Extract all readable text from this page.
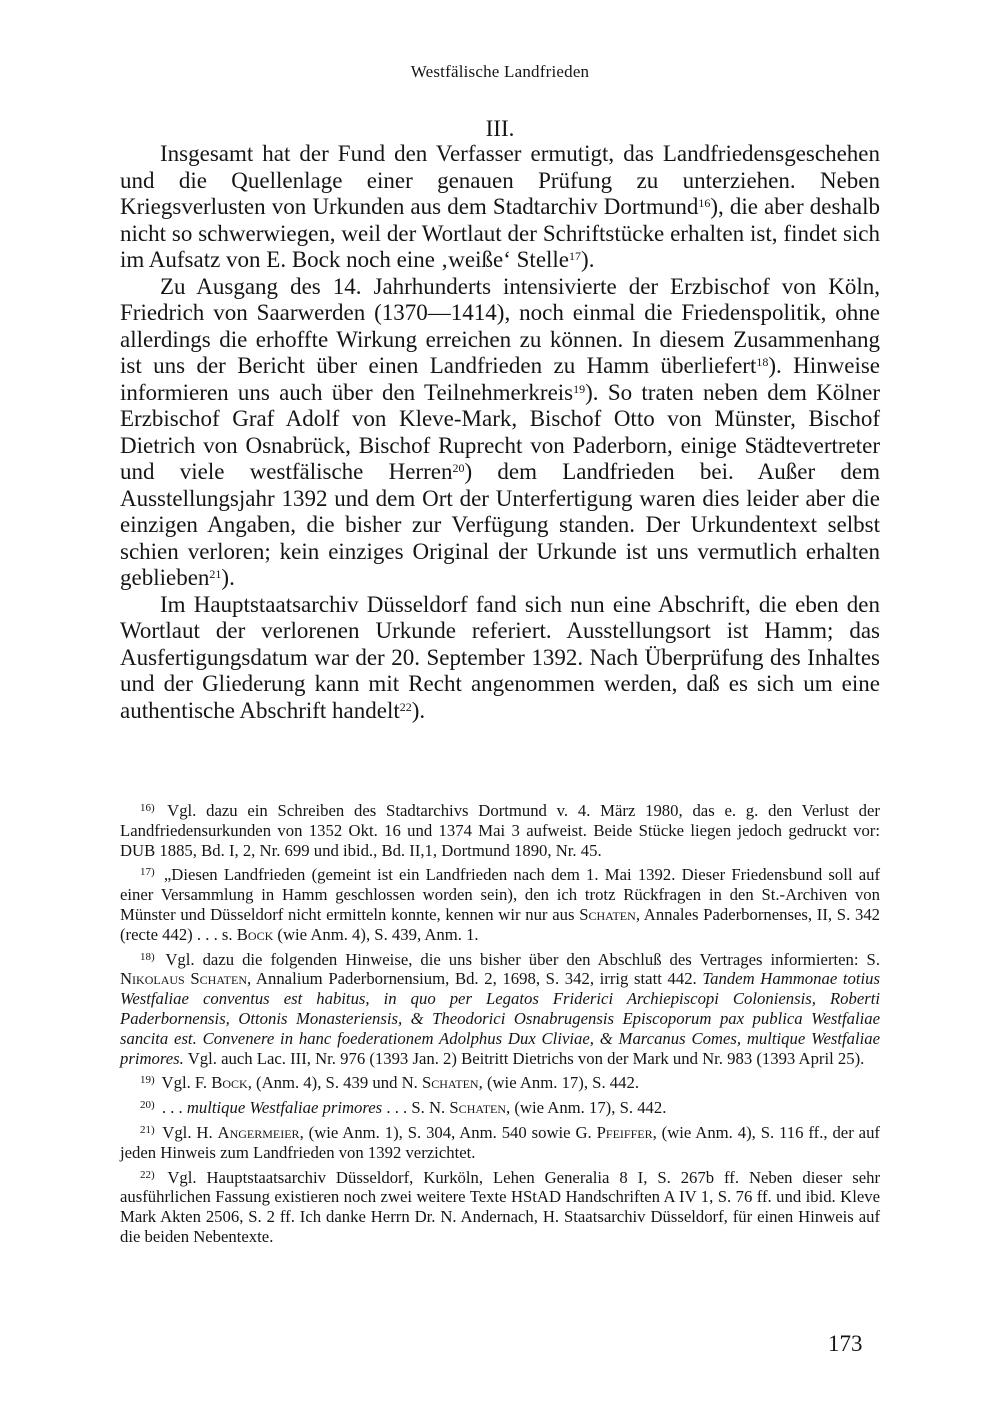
Westfälische Landfrieden
III.

Insgesamt hat der Fund den Verfasser ermutigt, das Landfriedensgeschehen und die Quellenlage einer genauen Prüfung zu unterziehen. Neben Kriegsverlusten von Urkunden aus dem Stadtarchiv Dortmund$^{16}$), die aber deshalb nicht so schwerwiegen, weil der Wortlaut der Schriftstücke erhalten ist, findet sich im Aufsatz von E. Bock noch eine ‚weiße‘ Stelle$^{17}$).

Zu Ausgang des 14. Jahrhunderts intensivierte der Erzbischof von Köln, Friedrich von Saarwerden (1370—1414), noch einmal die Friedenspolitik, ohne allerdings die erhoffte Wirkung erreichen zu können. In diesem Zusammenhang ist uns der Bericht über einen Landfrieden zu Hamm überliefert$^{18}$). Hinweise informieren uns auch über den Teilnehmerkreis$^{19}$). So traten neben dem Kölner Erzbischof Graf Adolf von Kleve-Mark, Bischof Otto von Münster, Bischof Dietrich von Osnabrück, Bischof Ruprecht von Paderborn, einige Städtevertreter und viele westfälische Herren$^{20}$) dem Landfrieden bei. Außer dem Ausstellungsjahr 1392 und dem Ort der Unterfertigung waren dies leider aber die einzigen Angaben, die bisher zur Verfügung standen. Der Urkundentext selbst schien verloren; kein einziges Original der Urkunde ist uns vermutlich erhalten geblieben$^{21}$).

Im Hauptstaatsarchiv Düsseldorf fand sich nun eine Abschrift, die eben den Wortlaut der verlorenen Urkunde referiert. Ausstellungsort ist Hamm; das Ausfertigungsdatum war der 20. September 1392. Nach Überprüfung des Inhaltes und der Gliederung kann mit Recht angenommen werden, daß es sich um eine authentische Abschrift handelt$^{22}$).

$^{16)}$ Vgl. dazu ein Schreiben des Stadtarchivs Dortmund v. 4. März 1980, das e. g. den Verlust der Landfriedensurkunden von 1352 Okt. 16 und 1374 Mai 3 aufweist. Beide Stücke liegen jedoch gedruckt vor: DUB 1885, Bd. I, 2, Nr. 699 und ibid., Bd. II,1, Dortmund 1890, Nr. 45.

$^{17)}$ „Diesen Landfrieden (gemeint ist ein Landfrieden nach dem 1. Mai 1392. Dieser Friedensbund soll auf einer Versammlung in Hamm geschlossen worden sein), den ich trotz Rückfragen in den St.-Archiven von Münster und Düsseldorf nicht ermitteln konnte, kennen wir nur aus Schaten, Annales Paderbornenses, II, S. 342 (recte 442) . . . s. Bock (wie Anm. 4), S. 439, Anm. 1.

$^{18)}$ Vgl. dazu die folgenden Hinweise, die uns bisher über den Abschluß des Vertrages informierten: S. Nikolaus Schaten, Annalium Paderbornensium, Bd. 2, 1698, S. 342, irrig statt 442. Tandem Hammonae totius Westfaliae conventus est habitus, in quo per Legatos Friderici Archiepiscopi Coloniensis, Roberti Paderbornensis, Ottonis Monasteriensis, & Theodorici Osnabrugensis Episcoporum pax publica Westfaliae sancita est. Convenere in hanc foederationem Adolphus Dux Cliviae, & Marcanus Comes, multique Westfaliae primores. Vgl. auch Lac. III, Nr. 976 (1393 Jan. 2) Beitritt Dietrichs von der Mark und Nr. 983 (1393 April 25).

$^{19)}$ Vgl. F. Bock, (Anm. 4), S. 439 und N. Schaten, (wie Anm. 17), S. 442.

$^{20)}$ . . . multique Westfaliae primores . . . S. N. Schaten, (wie Anm. 17), S. 442.

$^{21)}$ Vgl. H. Angermeier, (wie Anm. 1), S. 304, Anm. 540 sowie G. Pfeiffer, (wie Anm. 4), S. 116 ff., der auf jeden Hinweis zum Landfrieden von 1392 verzichtet.

$^{22)}$ Vgl. Hauptstaatsarchiv Düsseldorf, Kurköln, Lehen Generalia 8 I, S. 267b ff. Neben dieser sehr ausführlichen Fassung existieren noch zwei weitere Texte HStAD Handschriften A IV 1, S. 76 ff. und ibid. Kleve Mark Akten 2506, S. 2 ff. Ich danke Herrn Dr. N. Andernach, H. Staatsarchiv Düsseldorf, für einen Hinweis auf die beiden Nebentexte.

173
